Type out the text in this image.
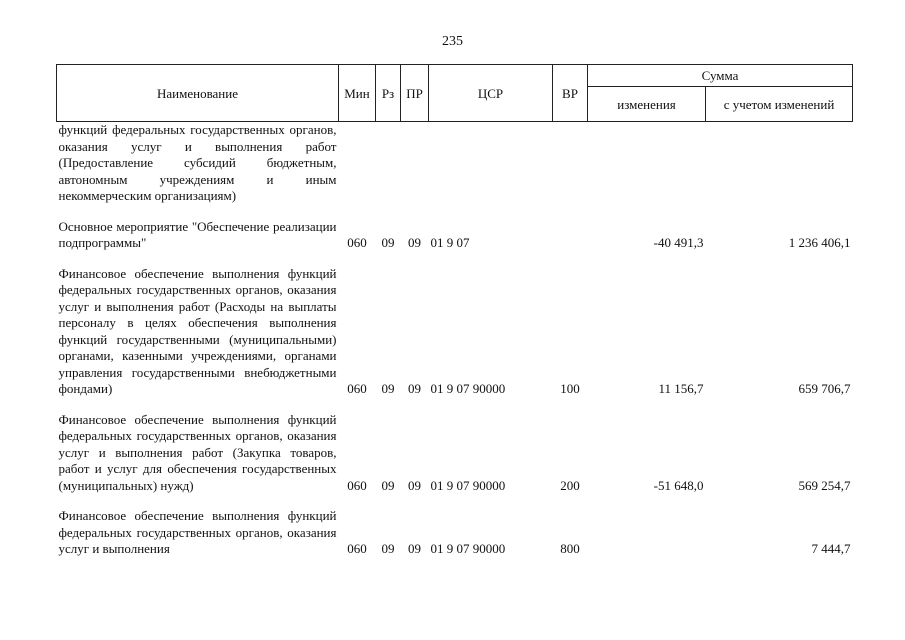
235
Наименование	Мин	Рз	ПР	ЦСР	ВР	Сумма	
						изменения	с учетом изменений
функций федеральных государственных органов, оказания услуг и выполнения работ (Предоставление субсидий бюджетным, автономным учреждениям и иным некоммерческим организациям)							

Основное мероприятие "Обеспечение реализации подпрограммы"	060	09	09	01 9 07		-40 491,3	1 236 406,1

Финансовое обеспечение выполнения функций федеральных государственных органов, оказания услуг и выполнения работ (Расходы на выплаты персоналу в целях обеспечения выполнения функций государственными (муниципальными) органами, казенными учреждениями, органами управления государственными внебюджетными фондами)	060	09	09	01 9 07 90000	100	11 156,7	659 706,7

Финансовое обеспечение выполнения функций федеральных государственных органов, оказания услуг и выполнения работ (Закупка товаров, работ и услуг для обеспечения государственных (муниципальных) нужд)	060	09	09	01 9 07 90000	200	-51 648,0	569 254,7

Финансовое обеспечение выполнения функций федеральных государственных органов, оказания услуг и выполнения	060	09	09	01 9 07 90000	800		7 444,7
